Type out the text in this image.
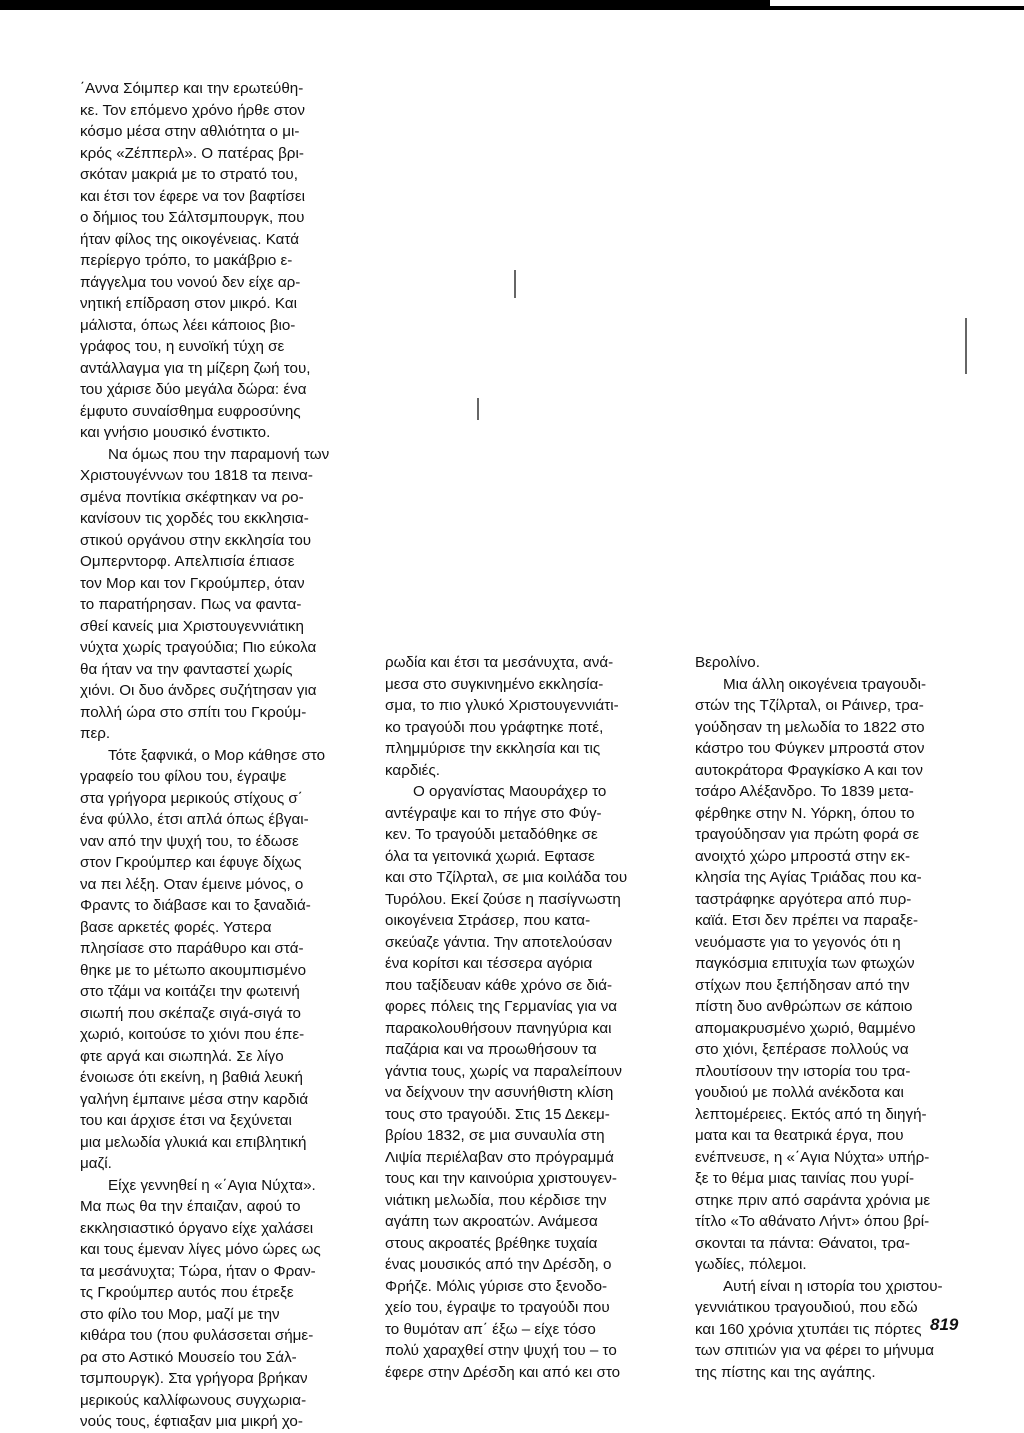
΄Αννα Σόιμπερ και την ερωτεύθη-
κε. Τον επόμενο χρόνο ήρθε στον
κόσμο μέσα στην αθλιότητα ο μι-
κρός «Ζέππερλ». Ο πατέρας βρι-
σκόταν μακριά με το στρατό του,
και έτσι τον έφερε να τον βαφτίσει
ο δήμιος του Σάλτσμπουργκ, που
ήταν φίλος της οικογένειας. Κατά
περίεργο τρόπο, το μακάβριο ε-
πάγγελμα του νονού δεν είχε αρ-
νητική επίδραση στον μικρό. Και
μάλιστα, όπως λέει κάποιος βιο-
γράφος του, η ευνοϊκή τύχη σε
αντάλλαγμα για τη μίζερη ζωή του,
του χάρισε δύο μεγάλα δώρα: ένα
έμφυτο συναίσθημα ευφροσύνης
και γνήσιο μουσικό ένστικτο.

Να όμως που την παραμονή των
Χριστουγέννων του 1818 τα πεινα-
σμένα ποντίκια σκέφτηκαν να ρο-
κανίσουν τις χορδές του εκκλησια-
στικού οργάνου στην εκκλησία του
Ομπερντορφ. Απελπισία έπιασε
τον Μορ και τον Γκρούμπερ, όταν
το παρατήρησαν. Πως να φαντα-
σθεί κανείς μια Χριστουγεννιάτικη
νύχτα χωρίς τραγούδια; Πιο εύκολα
θα ήταν να την φανταστεί χωρίς
χιόνι. Οι δυο άνδρες συζήτησαν για
πολλή ώρα στο σπίτι του Γκρούμ-
περ.

Τότε ξαφνικά, ο Μορ κάθησε στο
γραφείο του φίλου του, έγραψε
στα γρήγορα μερικούς στίχους σ΄
ένα φύλλο, έτσι απλά όπως έβγαι-
ναν από την ψυχή του, το έδωσε
στον Γκρούμπερ και έφυγε δίχως
να πει λέξη. Οταν έμεινε μόνος, ο
Φραντς το διάβασε και το ξαναδιά-
βασε αρκετές φορές. Υστερα
πλησίασε στο παράθυρο και στά-
θηκε με το μέτωπο ακουμπισμένο
στο τζάμι να κοιτάζει την φωτεινή
σιωπή που σκέπαζε σιγά-σιγά το
χωριό, κοιτούσε το χιόνι που έπε-
φτε αργά και σιωπηλά. Σε λίγο
ένοιωσε ότι εκείνη, η βαθιά λευκή
γαλήνη έμπαινε μέσα στην καρδιά
του και άρχισε έτσι να ξεχύνεται
μια μελωδία γλυκιά και επιβλητική
μαζί.

Είχε γεννηθεί η «΄Αγια Νύχτα».
Μα πως θα την έπαιζαν, αφού το
εκκλησιαστικό όργανο είχε χαλάσει
και τους έμεναν λίγες μόνο ώρες ως
τα μεσάνυχτα; Τώρα, ήταν ο Φραν-
τς Γκρούμπερ αυτός που έτρεξε
στο φίλο του Μορ, μαζί με την
κιθάρα του (που φυλάσσεται σήμε-
ρα στο Αστικό Μουσείο του Σάλ-
τσμπουργκ). Στα γρήγορα βρήκαν
μερικούς καλλίφωνους συγχωρια-
νούς τους, έφτιαξαν μια μικρή χο-

ρωδία και έτσι τα μεσάνυχτα, ανά-
μεσα στο συγκινημένο εκκλησία-
σμα, το πιο γλυκό Χριστουγεννιάτι-
κο τραγούδι που γράφτηκε ποτέ,
πλημμύρισε την εκκλησία και τις
καρδιές.

Ο οργανίστας Μαουράχερ το
αντέγραψε και το πήγε στο Φύγ-
κεν. Το τραγούδι μεταδόθηκε σε
όλα τα γειτονικά χωριά. Εφτασε
και στο Τζίλρταλ, σε μια κοιλάδα του
Τυρόλου. Εκεί ζούσε η πασίγνωστη
οικογένεια Στράσερ, που κατα-
σκεύαζε γάντια. Την αποτελούσαν
ένα κορίτσι και τέσσερα αγόρια
που ταξίδευαν κάθε χρόνο σε διά-
φορες πόλεις της Γερμανίας για να
παρακολουθήσουν πανηγύρια και
παζάρια και να προωθήσουν τα
γάντια τους, χωρίς να παραλείπουν
να δείχνουν την ασυνήθιστη κλίση
τους στο τραγούδι. Στις 15 Δεκεμ-
βρίου 1832, σε μια συναυλία στη
Λιψία περιέλαβαν στο πρόγραμμά
τους και την καινούρια χριστουγεν-
νιάτικη μελωδία, που κέρδισε την
αγάπη των ακροατών. Ανάμεσα
στους ακροατές βρέθηκε τυχαία
ένας μουσικός από την Δρέσδη, ο
Φρήζε. Μόλις γύρισε στο ξενοδο-
χείο του, έγραψε το τραγούδι που
το θυμόταν απ΄ έξω – είχε τόσο
πολύ χαραχθεί στην ψυχή του – το
έφερε στην Δρέσδη και από κει στο

Βερολίνο.

Μια άλλη οικογένεια τραγουδι-
στών της Τζίλρταλ, οι Ράινερ, τρα-
γούδησαν τη μελωδία το 1822 στο
κάστρο του Φύγκεν μπροστά στον
αυτοκράτορα Φραγκίσκο Α και τον
τσάρο Αλέξανδρο. Το 1839 μετα-
φέρθηκε στην Ν. Υόρκη, όπου το
τραγούδησαν για πρώτη φορά σε
ανοιχτό χώρο μπροστά στην εκ-
κλησία της Αγίας Τριάδας που κα-
ταστράφηκε αργότερα από πυρ-
καϊά. Ετσι δεν πρέπει να παραξε-
νευόμαστε για το γεγονός ότι η
παγκόσμια επιτυχία των φτωχών
στίχων που ξεπήδησαν από την
πίστη δυο ανθρώπων σε κάποιο
απομακρυσμένο χωριό, θαμμένο
στο χιόνι, ξεπέρασε πολλούς να
πλουτίσουν την ιστορία του τρα-
γουδιού με πολλά ανέκδοτα και
λεπτομέρειες. Εκτός από τη διηγή-
ματα και τα θεατρικά έργα, που
ενέπνευσε, η «΄Αγια Νύχτα» υπήρ-
ξε το θέμα μιας ταινίας που γυρί-
στηκε πριν από σαράντα χρόνια με
τίτλο «Το αθάνατο Λήντ» όπου βρί-
σκονται τα πάντα: Θάνατοι, τρα-
γωδίες, πόλεμοι.

Αυτή είναι η ιστορία του χριστου-
γεννιάτικου τραγουδιού, που εδώ
και 160 χρόνια χτυπάει τις πόρτες
των σπιτιών για να φέρει το μήνυμα
της πίστης και της αγάπης.

819
